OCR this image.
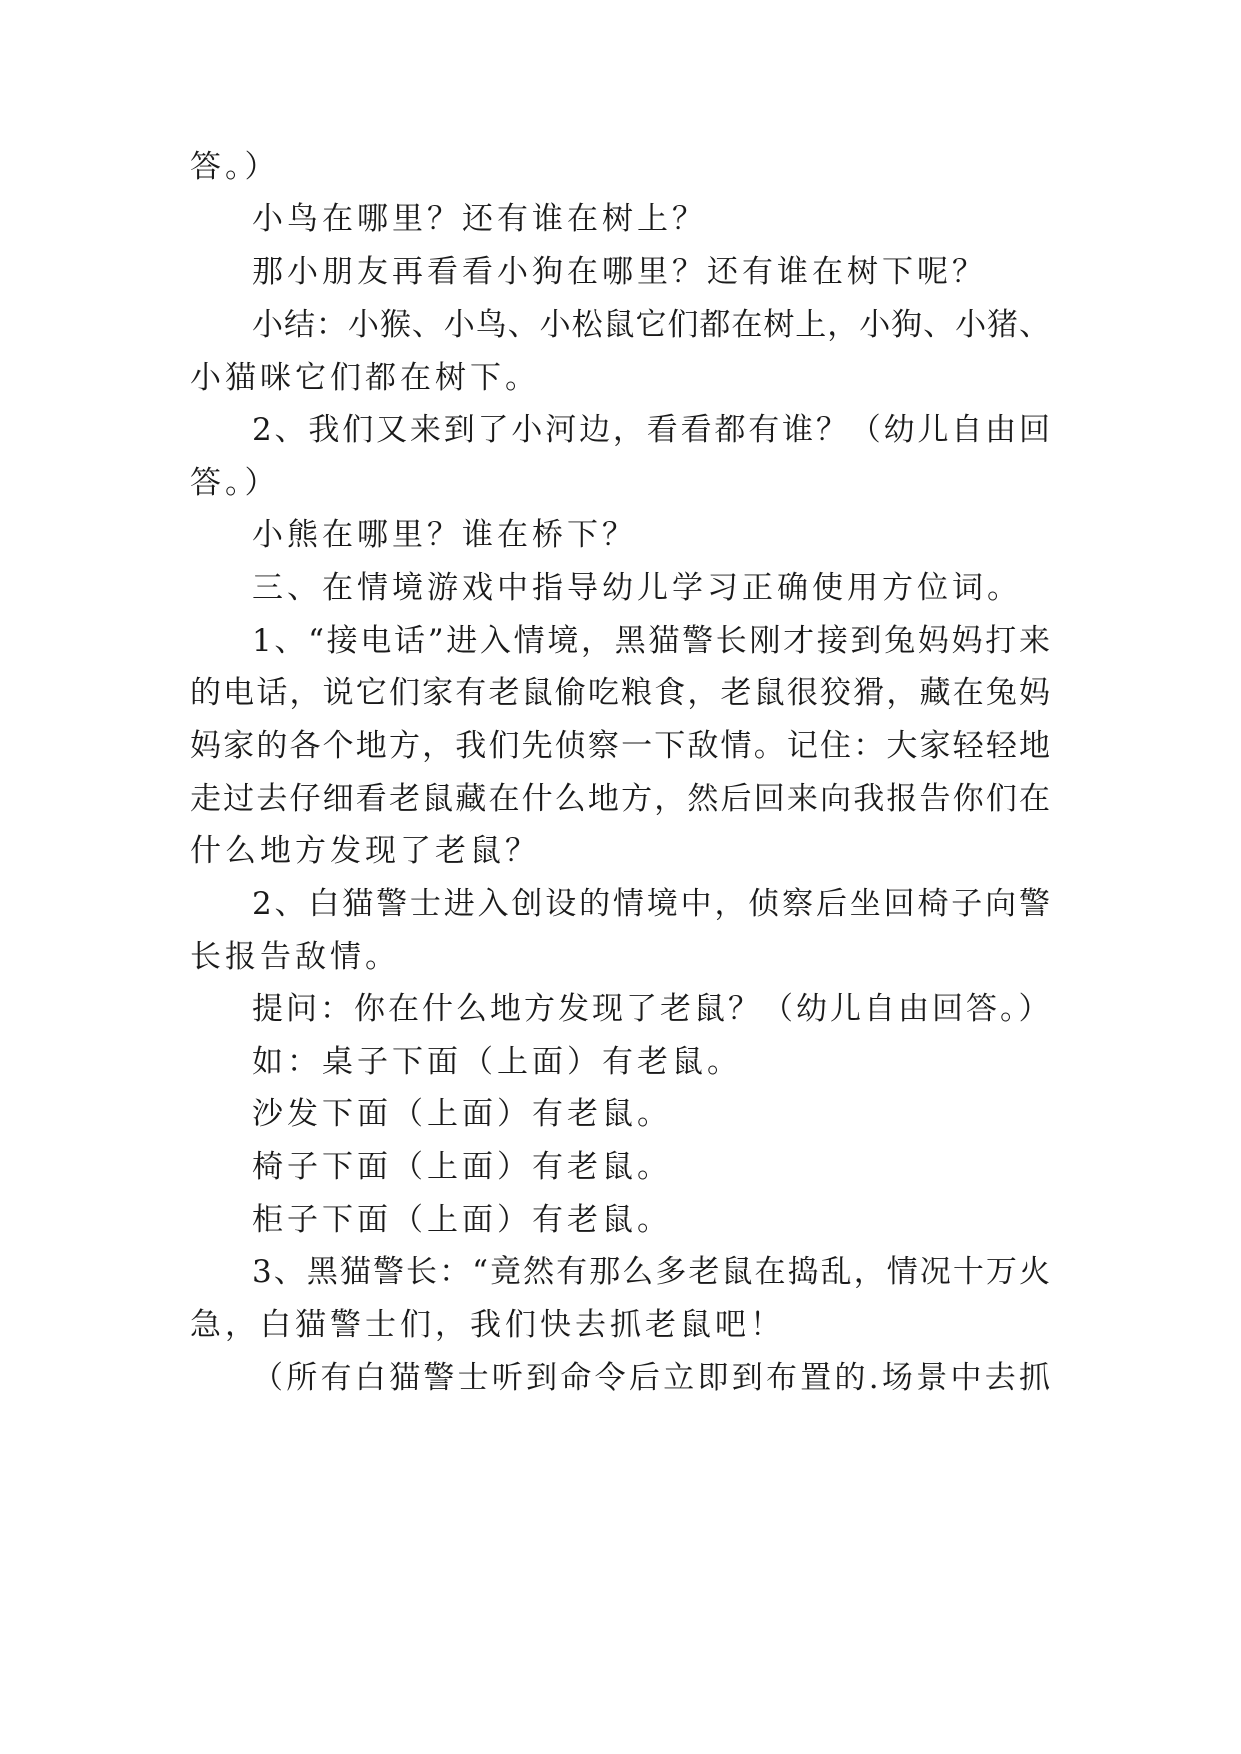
答。）
小鸟在哪里？还有谁在树上？
那小朋友再看看小狗在哪里？还有谁在树下呢？
小结：小猴、小鸟、小松鼠它们都在树上，小狗、小猪、
小猫咪它们都在树下。
2、我们又来到了小河边，看看都有谁？（幼儿自由回
答。）
小熊在哪里？谁在桥下？
三、在情境游戏中指导幼儿学习正确使用方位词。
1、“接电话”进入情境，黑猫警长刚才接到兔妈妈打来
的电话，说它们家有老鼠偷吃粮食，老鼠很狡猾，藏在兔妈
妈家的各个地方，我们先侦察一下敌情。记住：大家轻轻地
走过去仔细看老鼠藏在什么地方，然后回来向我报告你们在
什么地方发现了老鼠？
2、白猫警士进入创设的情境中，侦察后坐回椅子向警
长报告敌情。
提问：你在什么地方发现了老鼠？（幼儿自由回答。）
如：桌子下面（上面）有老鼠。
沙发下面（上面）有老鼠。
椅子下面（上面）有老鼠。
柜子下面（上面）有老鼠。
3、黑猫警长：“竟然有那么多老鼠在捣乱，情况十万火
急，白猫警士们，我们快去抓老鼠吧！
（所有白猫警士听到命令后立即到布置的.场景中去抓
